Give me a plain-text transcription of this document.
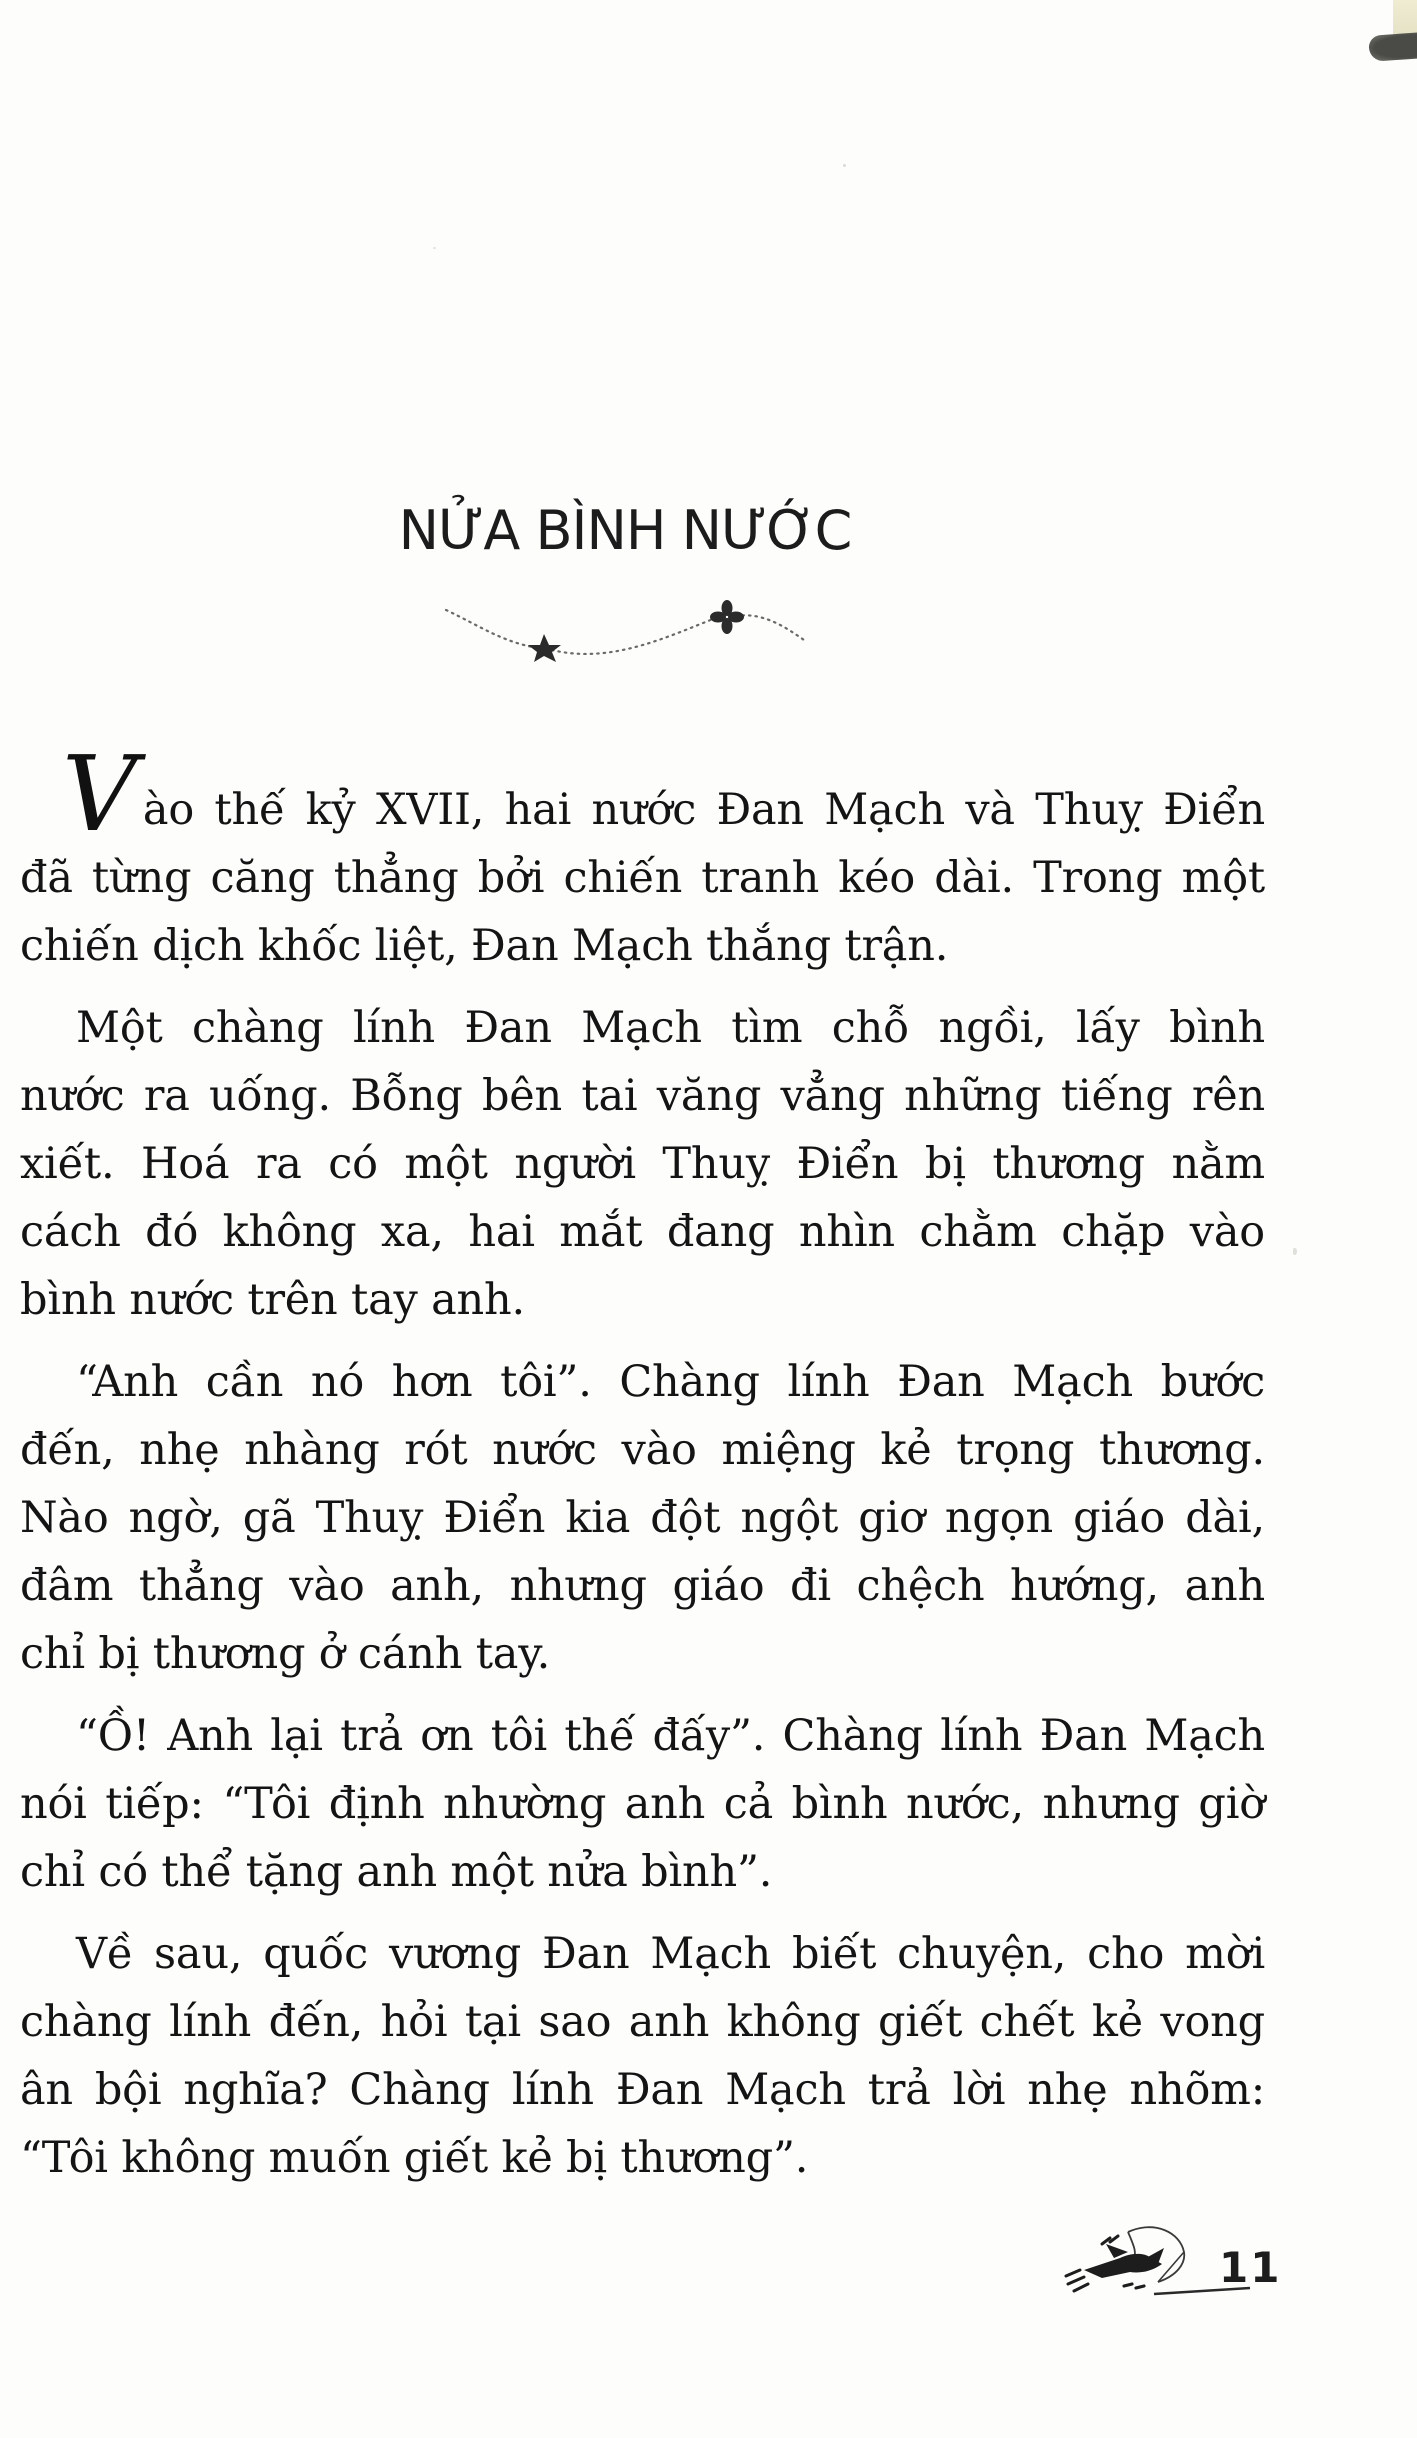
NỬA BÌNH NƯỚC
Vào thế kỷ XVII, hai nước Đan Mạch và Thuỵ Điển
đã từng căng thẳng bởi chiến tranh kéo dài. Trong một
chiến dịch khốc liệt, Đan Mạch thắng trận.
Một chàng lính Đan Mạch tìm chỗ ngồi, lấy bình
nước ra uống. Bỗng bên tai văng vẳng những tiếng rên
xiết. Hoá ra có một người Thuỵ Điển bị thương nằm
cách đó không xa, hai mắt đang nhìn chằm chặp vào
bình nước trên tay anh.
“Anh cần nó hơn tôi”. Chàng lính Đan Mạch bước
đến, nhẹ nhàng rót nước vào miệng kẻ trọng thương.
Nào ngờ, gã Thuỵ Điển kia đột ngột giơ ngọn giáo dài,
đâm thẳng vào anh, nhưng giáo đi chệch hướng, anh
chỉ bị thương ở cánh tay.
“Ồ! Anh lại trả ơn tôi thế đấy”. Chàng lính Đan Mạch
nói tiếp: “Tôi định nhường anh cả bình nước, nhưng giờ
chỉ có thể tặng anh một nửa bình”.
Về sau, quốc vương Đan Mạch biết chuyện, cho mời
chàng lính đến, hỏi tại sao anh không giết chết kẻ vong
ân bội nghĩa? Chàng lính Đan Mạch trả lời nhẹ nhõm:
“Tôi không muốn giết kẻ bị thương”.
11
